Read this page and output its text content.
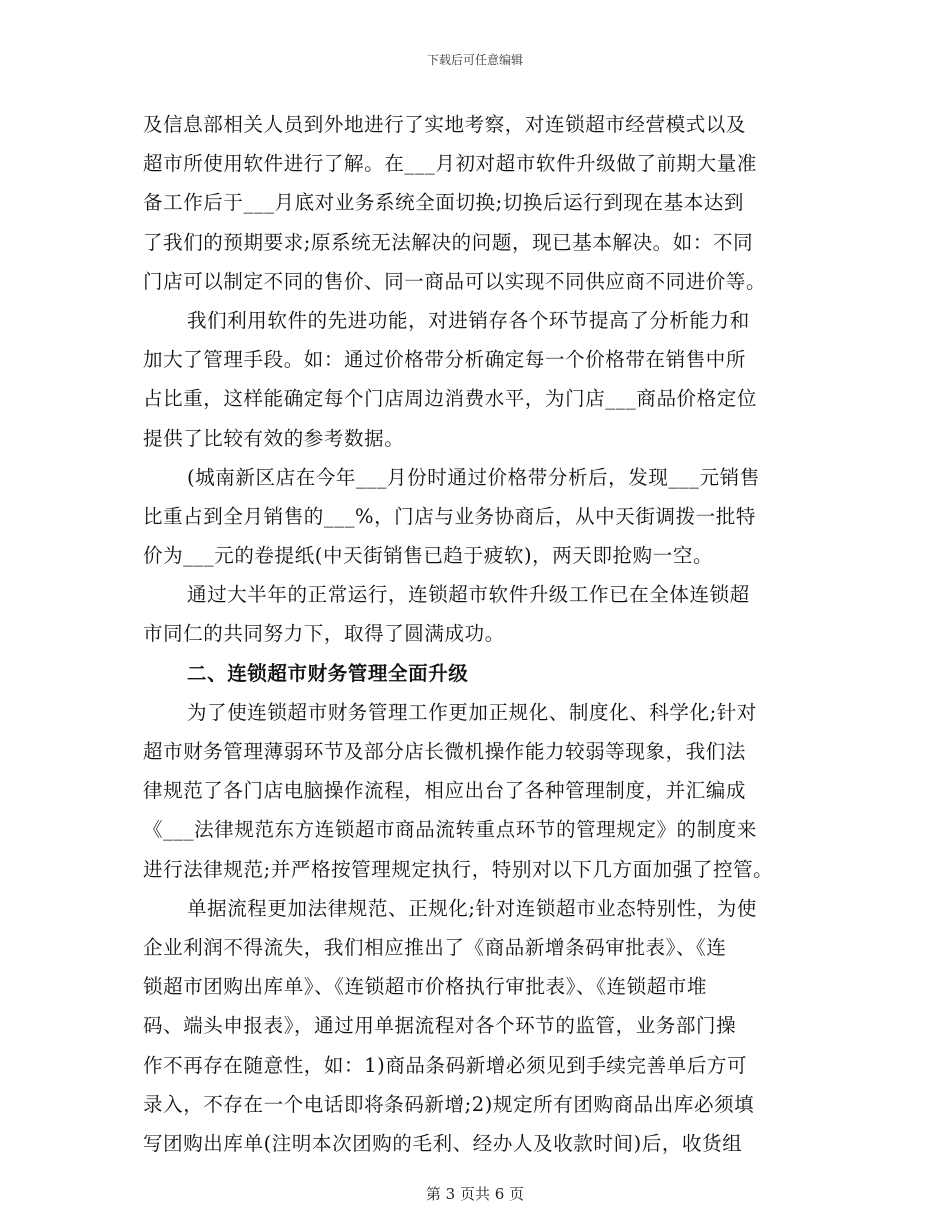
下载后可任意编辑
及信息部相关人员到外地进行了实地考察，对连锁超市经营模式以及
超市所使用软件进行了解。在___月初对超市软件升级做了前期大量准
备工作后于___月底对业务系统全面切换;切换后运行到现在基本达到
了我们的预期要求;原系统无法解决的问题，现已基本解决。如：不同
门店可以制定不同的售价、同一商品可以实现不同供应商不同进价等。
我们利用软件的先进功能，对进销存各个环节提高了分析能力和
加大了管理手段。如：通过价格带分析确定每一个价格带在销售中所
占比重，这样能确定每个门店周边消费水平，为门店___商品价格定位
提供了比较有效的参考数据。
(城南新区店在今年___月份时通过价格带分析后，发现___元销售
比重占到全月销售的___%，门店与业务协商后，从中天街调拨一批特
价为___元的卷提纸(中天街销售已趋于疲软)，两天即抢购一空。
通过大半年的正常运行，连锁超市软件升级工作已在全体连锁超
市同仁的共同努力下，取得了圆满成功。
二、连锁超市财务管理全面升级
为了使连锁超市财务管理工作更加正规化、制度化、科学化;针对
超市财务管理薄弱环节及部分店长微机操作能力较弱等现象，我们法
律规范了各门店电脑操作流程，相应出台了各种管理制度，并汇编成
《___法律规范东方连锁超市商品流转重点环节的管理规定》的制度来
进行法律规范;并严格按管理规定执行，特别对以下几方面加强了控管。
单据流程更加法律规范、正规化;针对连锁超市业态特别性，为使
企业利润不得流失，我们相应推出了《商品新增条码审批表》、《连
锁超市团购出库单》、《连锁超市价格执行审批表》、《连锁超市堆
码、端头申报表》，通过用单据流程对各个环节的监管，业务部门操
作不再存在随意性，如：1)商品条码新增必须见到手续完善单后方可
录入，不存在一个电话即将条码新增;2)规定所有团购商品出库必须填
写团购出库单(注明本次团购的毛利、经办人及收款时间)后，收货组
第 3 页共 6 页
